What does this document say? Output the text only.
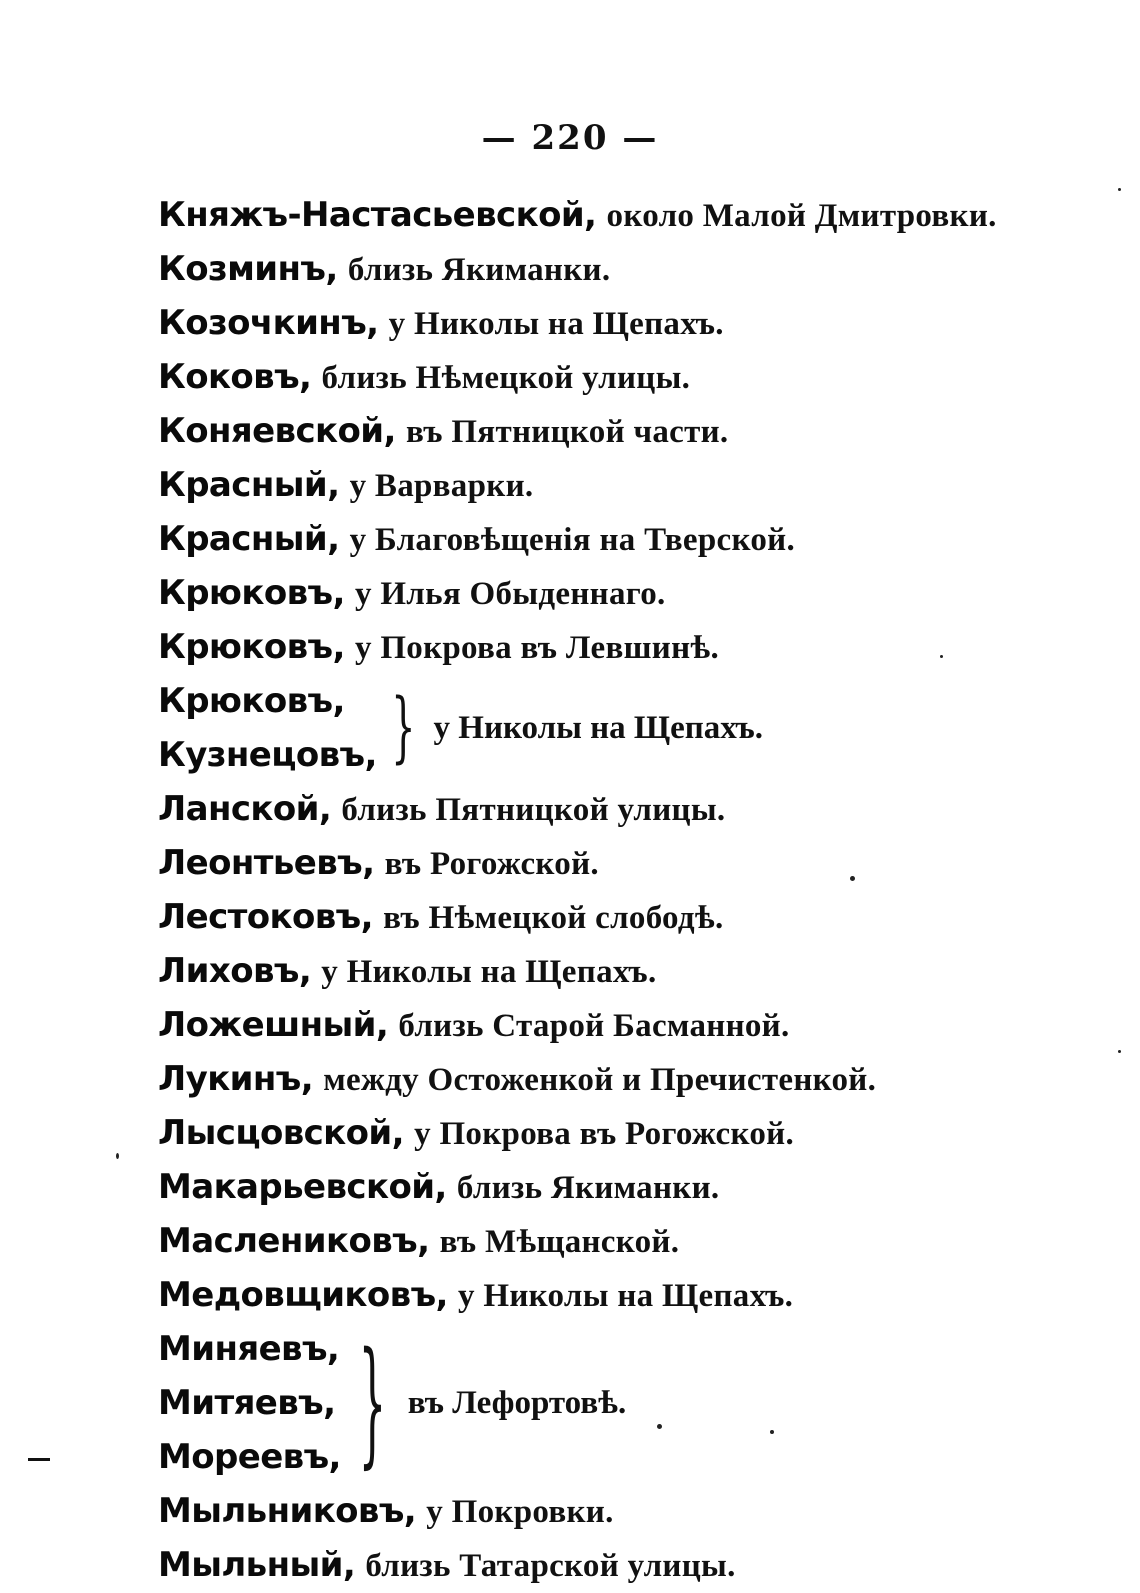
— 220 —
Княжъ-Настасьевской, около Малой Дмитровки.
Козминъ, близь Якиманки.
Козочкинъ, у Николы на Щепахъ.
Коковъ, близь Нѣмецкой улицы.
Коняевской, въ Пятницкой части.
Красный, у Варварки.
Красный, у Благовѣщенія на Тверской.
Крюковъ, у Илья Обыденнаго.
Крюковъ, у Покрова въ Левшинѣ.
Крюковъ,
Кузнецовъ, } у Николы на Щепахъ.
Ланской, близь Пятницкой улицы.
Леонтьевъ, въ Рогожской.
Лестоковъ, въ Нѣмецкой слободѣ.
Лиховъ, у Николы на Щепахъ.
Ложешный, близь Старой Басманной.
Лукинъ, между Остоженкой и Пречистенкой.
Лысцовской, у Покрова въ Рогожской.
Макарьевской, близь Якиманки.
Маслениковъ, въ Мѣщанской.
Медовщиковъ, у Николы на Щепахъ.
Миняевъ,
Митяевъ,
Мореевъ, } въ Лефортовѣ.
Мыльниковъ, у Покровки.
Мыльный, близь Татарской улицы.
